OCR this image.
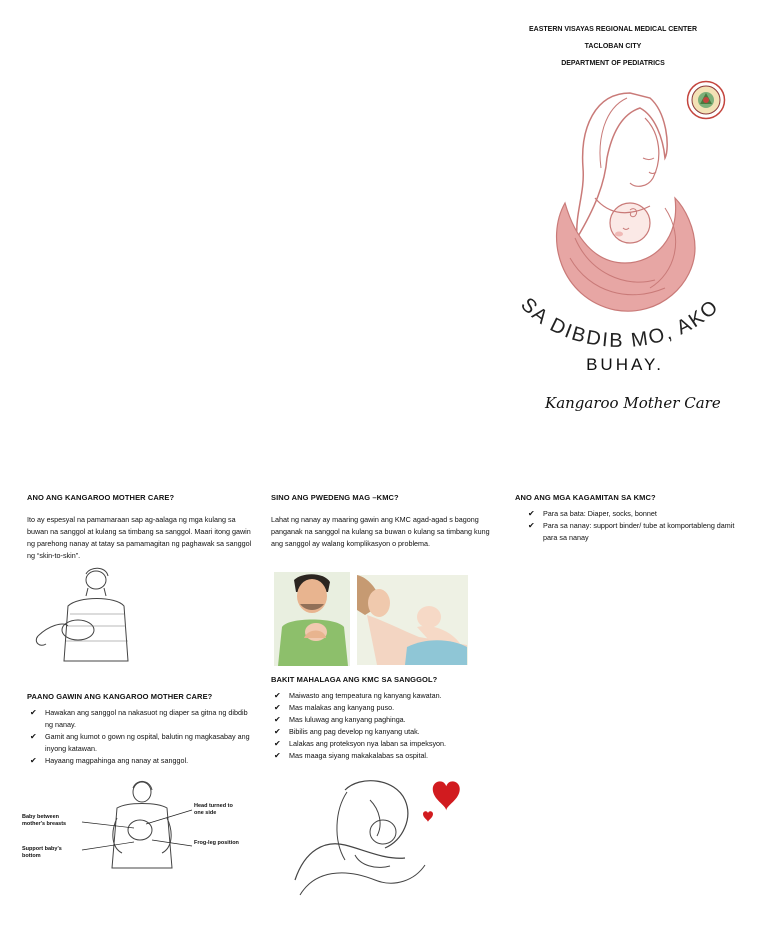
EASTERN VISAYAS REGIONAL MEDICAL CENTER
TACLOBAN CITY
DEPARTMENT OF PEDIATRICS
SA DIBDIB MO, AKO
BUHAY.
Kangaroo Mother Care
ANO ANG KANGAROO MOTHER CARE?

Ito ay espesyal na pamamaraan sap ag-aalaga ng mga kulang sa buwan na sanggol at kulang sa timbang sa sanggol. Maari itong gawin ng parehong nanay at tatay sa pamamagitan ng paghawak sa sanggol ng “skin-to-skin”.

PAANO GAWIN ANG KANGAROO MOTHER CARE?
✔ Hawakan ang sanggol na nakasuot ng diaper sa gitna ng dibdib ng nanay.
✔ Gamit ang kumot o gown ng ospital, balutin ng magkasabay ang inyong katawan.
✔ Hayaang magpahinga ang nanay at sanggol.
Baby between mother's breasts
Support baby's bottom
Head turned to one side
Frog-leg position
SINO ANG PWEDENG MAG –KMC?

Lahat ng nanay ay maaring gawin ang KMC agad-agad s bagong panganak na sanggol na kulang sa buwan o kulang sa timbang kung ang sanggol ay walang komplikasyon o problema.

BAKIT MAHALAGA ANG KMC SA SANGGOL?
✔ Maiwasto ang tempeatura ng kanyang kawatan.
✔ Mas malakas ang kanyang puso.
✔ Mas luluwag ang kanyang paghinga.
✔ Bibilis ang pag develop ng kanyang utak.
✔ Lalakas ang proteksyon nya laban sa impeksyon.
✔ Mas maaga siyang makakalabas sa ospital.
ANO ANG MGA KAGAMITAN SA KMC?
✔ Para sa bata: Diaper, socks, bonnet
✔ Para sa nanay: support binder/ tube at komportableng damit para sa nanay
